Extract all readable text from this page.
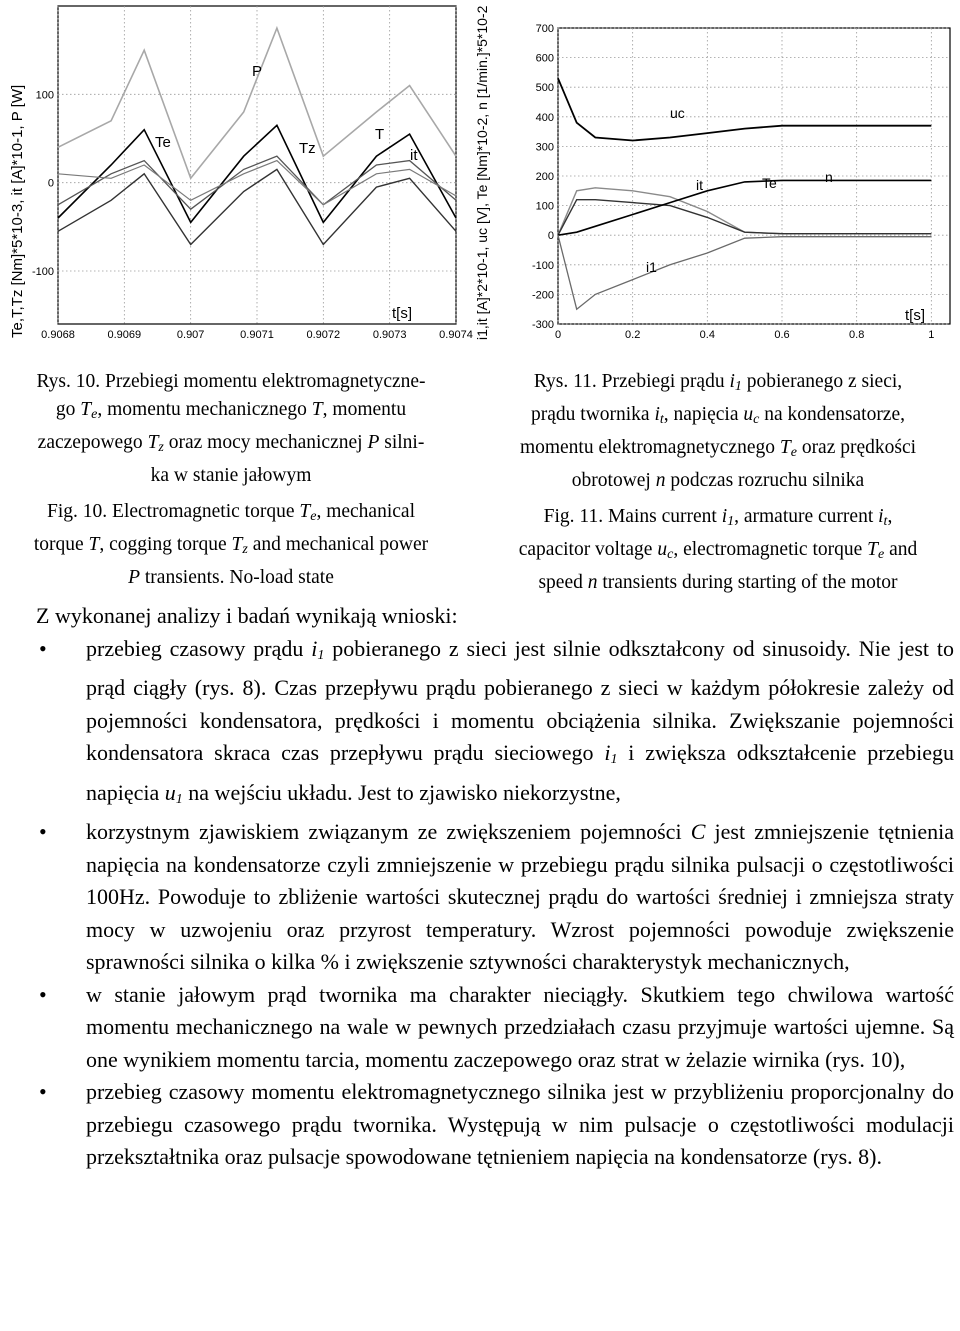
Te,T,Tz [Nm]*5*10-3, it [A]*10-1, P [W] 100
0
-100
0.9068	0.9069	0.907	0.9071	0.9072	0.9073	0.9074
t[s]
P
Te	Tz
T
it	i1,it [A]*2*10-1, uc [V], Te [Nm]*10-2, n [1/min.]*5*10-2	700
600
500
400
300
200
100
0
-100
-200
-300
0	0.2	0.4	0.6	0.8	1
t[s]
uc
it	Te	n
i1

Rys. 10. Przebiegi momentu elektromagnetyczne-
go $T_e$, momentu mechanicznego T, momentu
zaczepowego $T_z$ oraz mocy mechanicznej P silni-
ka w stanie jałowym

Fig. 10. Electromagnetic torque $T_e$, mechanical
torque T, cogging torque $T_z$ and mechanical power
P transients. No-load state

Rys. 11. Przebiegi prądu $i_1$ pobieranego z sieci,
prądu twornika $i_t$, napięcia $u_c$ na kondensatorze,
momentu elektromagnetycznego $T_e$ oraz prędkości
obrotowej n podczas rozruchu silnika

Fig. 11. Mains current $i_1$, armature current $i_t$,
capacitor voltage $u_c$, electromagnetic torque $T_e$ and
speed n transients during starting of the motor

Z wykonanej analizy i badań wynikają wnioski:

• przebieg czasowy prądu $i_1$ pobieranego z sieci jest silnie odkształcony od sinusoidy. Nie jest to prąd ciągły (rys. 8). Czas przepływu prądu pobieranego z sieci w każdym półokresie zależy od pojemności kondensatora, prędkości i momentu obciążenia silnika. Zwiększanie pojemności kondensatora skraca czas przepływu prądu sieciowego $i_1$ i zwiększa odkształcenie przebiegu napięcia $u_1$ na wejściu układu. Jest to zjawisko niekorzystne,
• korzystnym zjawiskiem związanym ze zwiększeniem pojemności C jest zmniejszenie tętnienia napięcia na kondensatorze czyli zmniejszenie w przebiegu prądu silnika pulsacji o częstotliwości 100Hz. Powoduje to zbliżenie wartości skutecznej prądu do wartości średniej i zmniejsza straty mocy w uzwojeniu oraz przyrost temperatury. Wzrost pojemności powoduje zwiększenie sprawności silnika o kilka % i zwiększenie sztywności charakterystyk mechanicznych,
• w stanie jałowym prąd twornika ma charakter nieciągły. Skutkiem tego chwilowa wartość momentu mechanicznego na wale w pewnych przedziałach czasu przyjmuje wartości ujemne. Są one wynikiem momentu tarcia, momentu zaczepowego oraz strat w żelazie wirnika (rys. 10),
• przebieg czasowy momentu elektromagnetycznego silnika jest w przybliżeniu proporcjonalny do przebiegu czasowego prądu twornika. Występują w nim pulsacje o częstotliwości modulacji przekształtnika oraz pulsacje spowodowane tętnieniem napięcia na kondensatorze (rys. 8).
